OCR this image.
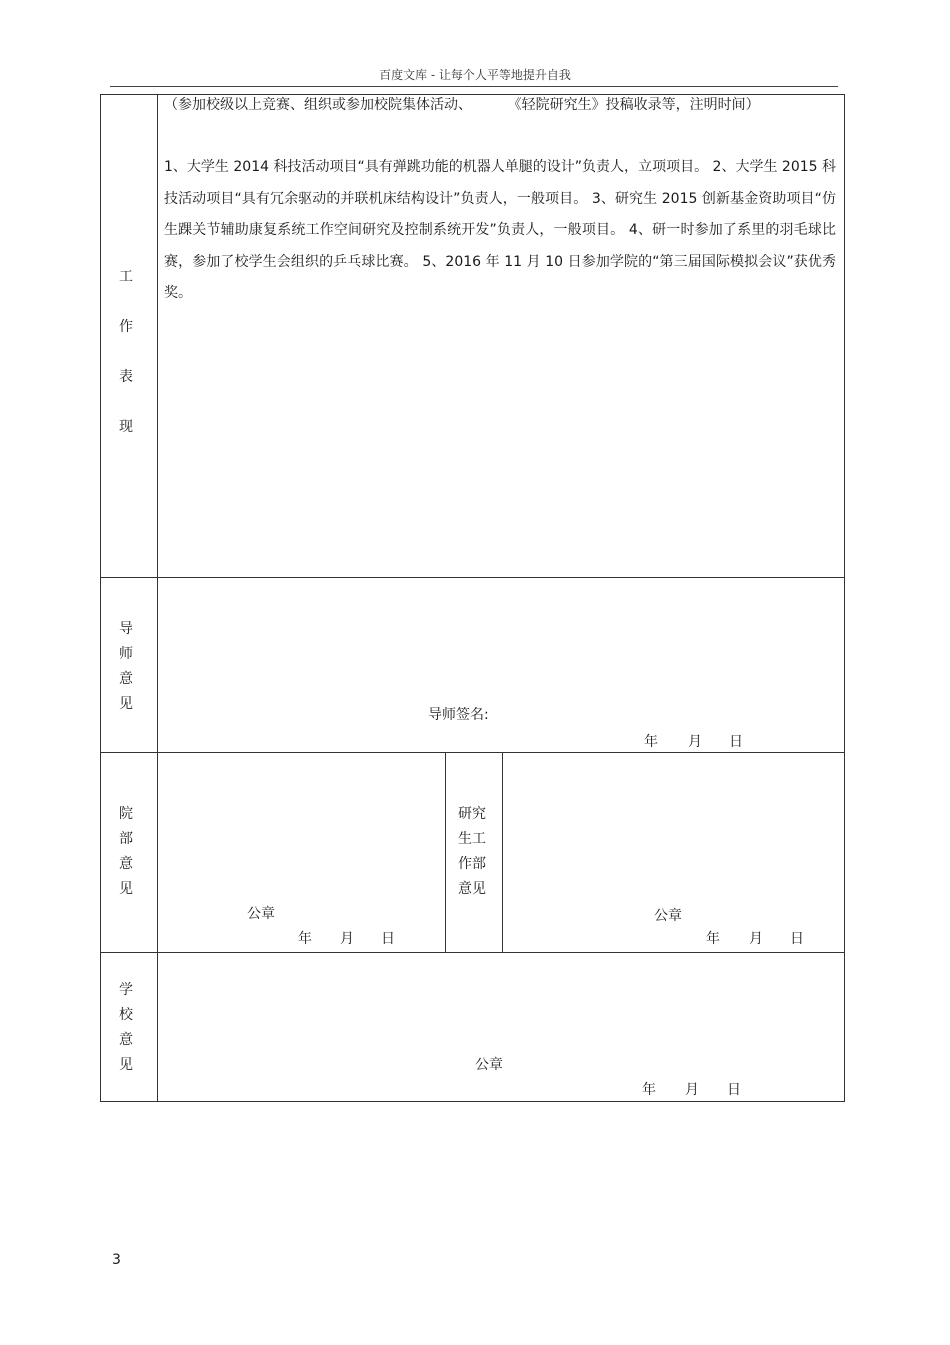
百度文库 - 让每个人平等地提升自我
工
作
表
现
（参加校级以上竞赛、组织或参加校院集体活动、        《轻院研究生》投稿收录等，注明时间）
1、大学生 2014 科技活动项目“具有弹跳功能的机器人单腿的设计”负责人，立项项目。 2、大学生 2015 科技活动项目“具有冗余驱动的并联机床结构设计”负责人，一般项目。 3、研究生 2015 创新基金资助项目“仿生踝关节辅助康复系统工作空间研究及控制系统开发”负责人，一般项目。 4、研一时参加了系里的羽毛球比赛，参加了校学生会组织的乒乓球比赛。 5、2016 年 11 月 10 日参加学院的“第三届国际模拟会议”获优秀奖。
导
师
意
见
导师签名:
年 月 日
院
部
意
见
公章
年 月 日
研究
生工
作部
意见
公章
年 月 日
学
校
意
见	公章
年 月 日
3
